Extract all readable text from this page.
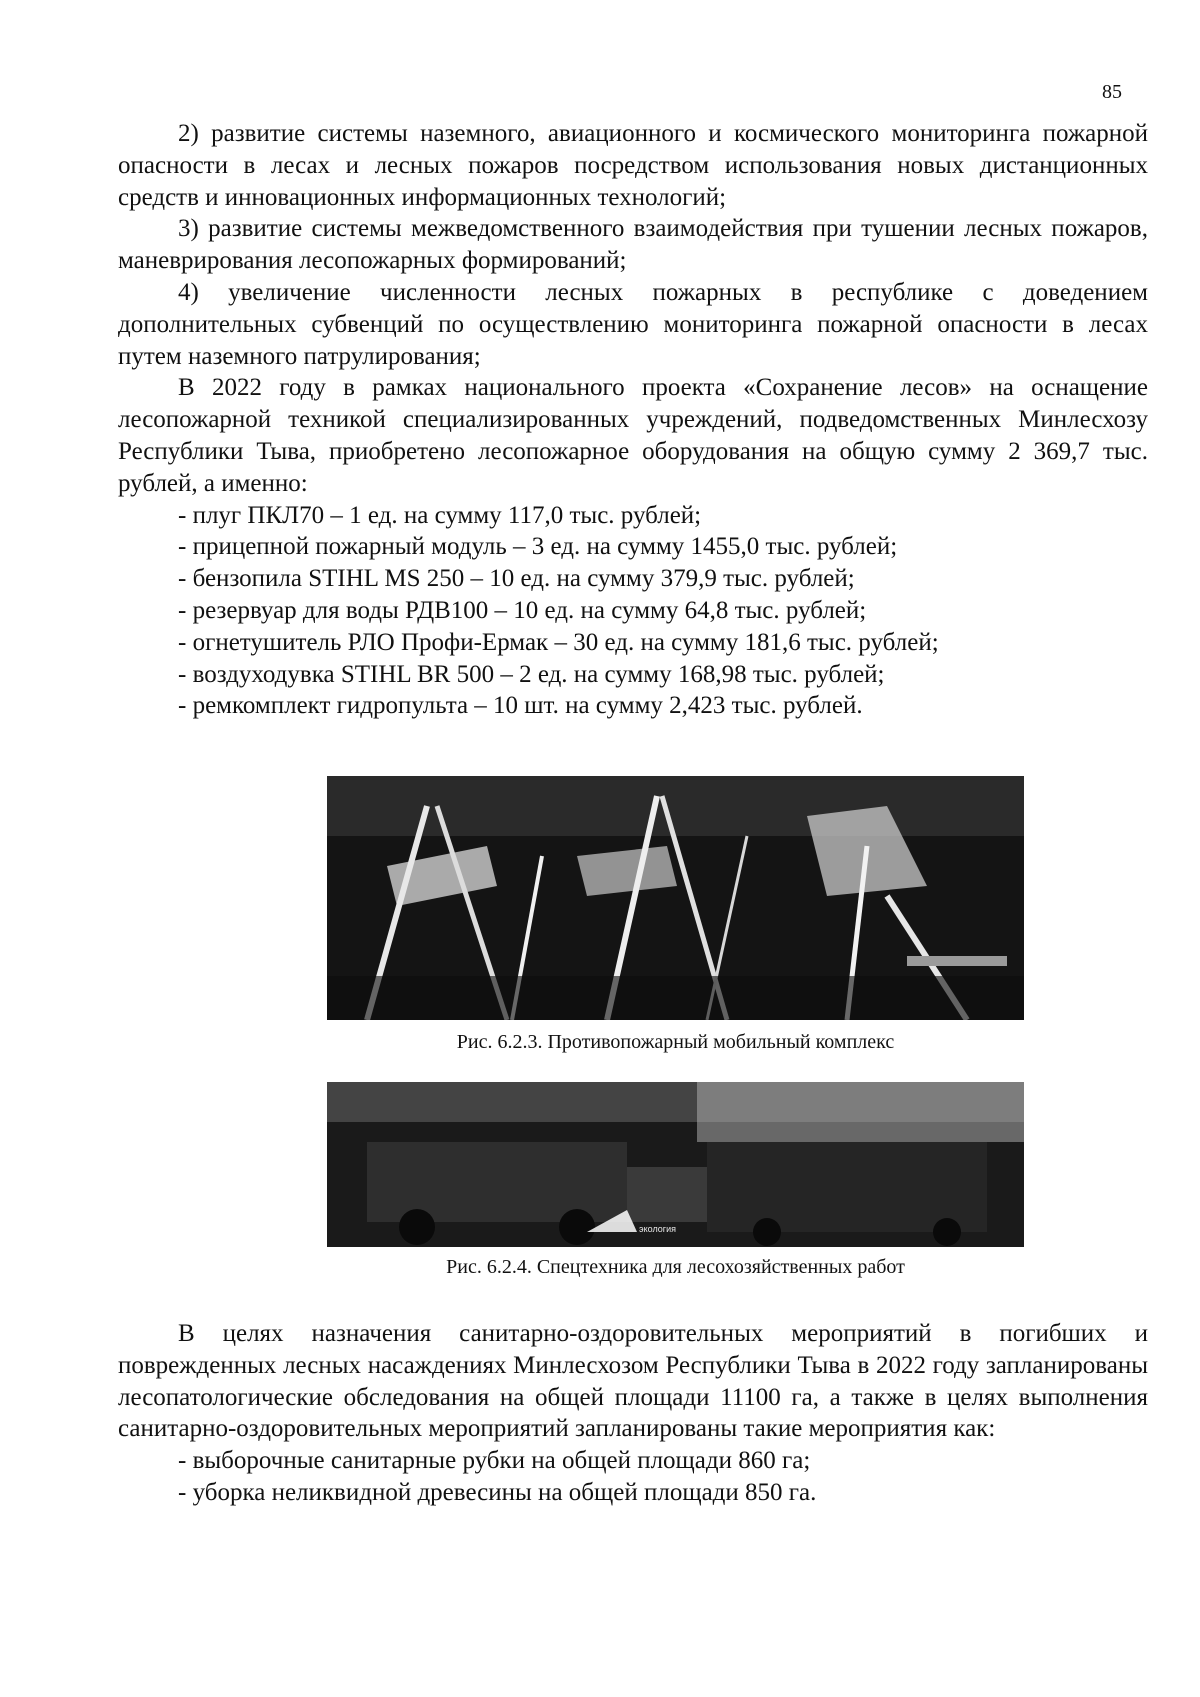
85

2) развитие системы наземного, авиационного и космического мониторинга пожарной опасности в лесах и лесных пожаров посредством использования новых дистанционных средств и инновационных информационных технологий;

3) развитие системы межведомственного взаимодействия при тушении лесных пожаров, маневрирования лесопожарных формирований;

4) увеличение численности лесных пожарных в республике с доведением дополнительных субвенций по осуществлению мониторинга пожарной опасности в лесах путем наземного патрулирования;

В 2022 году в рамках национального проекта «Сохранение лесов» на оснащение лесопожарной техникой специализированных учреждений, подведомственных Минлесхозу Республики Тыва, приобретено лесопожарное оборудования на общую сумму 2 369,7 тыс. рублей, а именно:

- плуг ПКЛ70 – 1 ед. на сумму 117,0 тыс. рублей;
- прицепной пожарный модуль – 3 ед. на сумму 1455,0 тыс. рублей;
- бензопила STIHL MS 250 – 10 ед. на сумму 379,9 тыс. рублей;
- резервуар для воды РДВ100 – 10 ед. на сумму 64,8 тыс. рублей;
- огнетушитель РЛО Профи-Ермак – 30 ед. на сумму 181,6 тыс. рублей;
- воздуходувка STIHL BR 500 – 2 ед. на сумму 168,98 тыс. рублей;
- ремкомплект гидропульта – 10 шт. на сумму 2,423 тыс. рублей.
Рис. 6.2.3. Противопожарный мобильный комплекс
экология
Рис. 6.2.4. Спецтехника для лесохозяйственных работ

В целях назначения санитарно-оздоровительных мероприятий в погибших и поврежденных лесных насаждениях Минлесхозом Республики Тыва в 2022 году запланированы лесопатологические обследования на общей площади 11100 га, а также в целях выполнения санитарно-оздоровительных мероприятий запланированы такие мероприятия как:

- выборочные санитарные рубки на общей площади 860 га;
- уборка неликвидной древесины на общей площади 850 га.
